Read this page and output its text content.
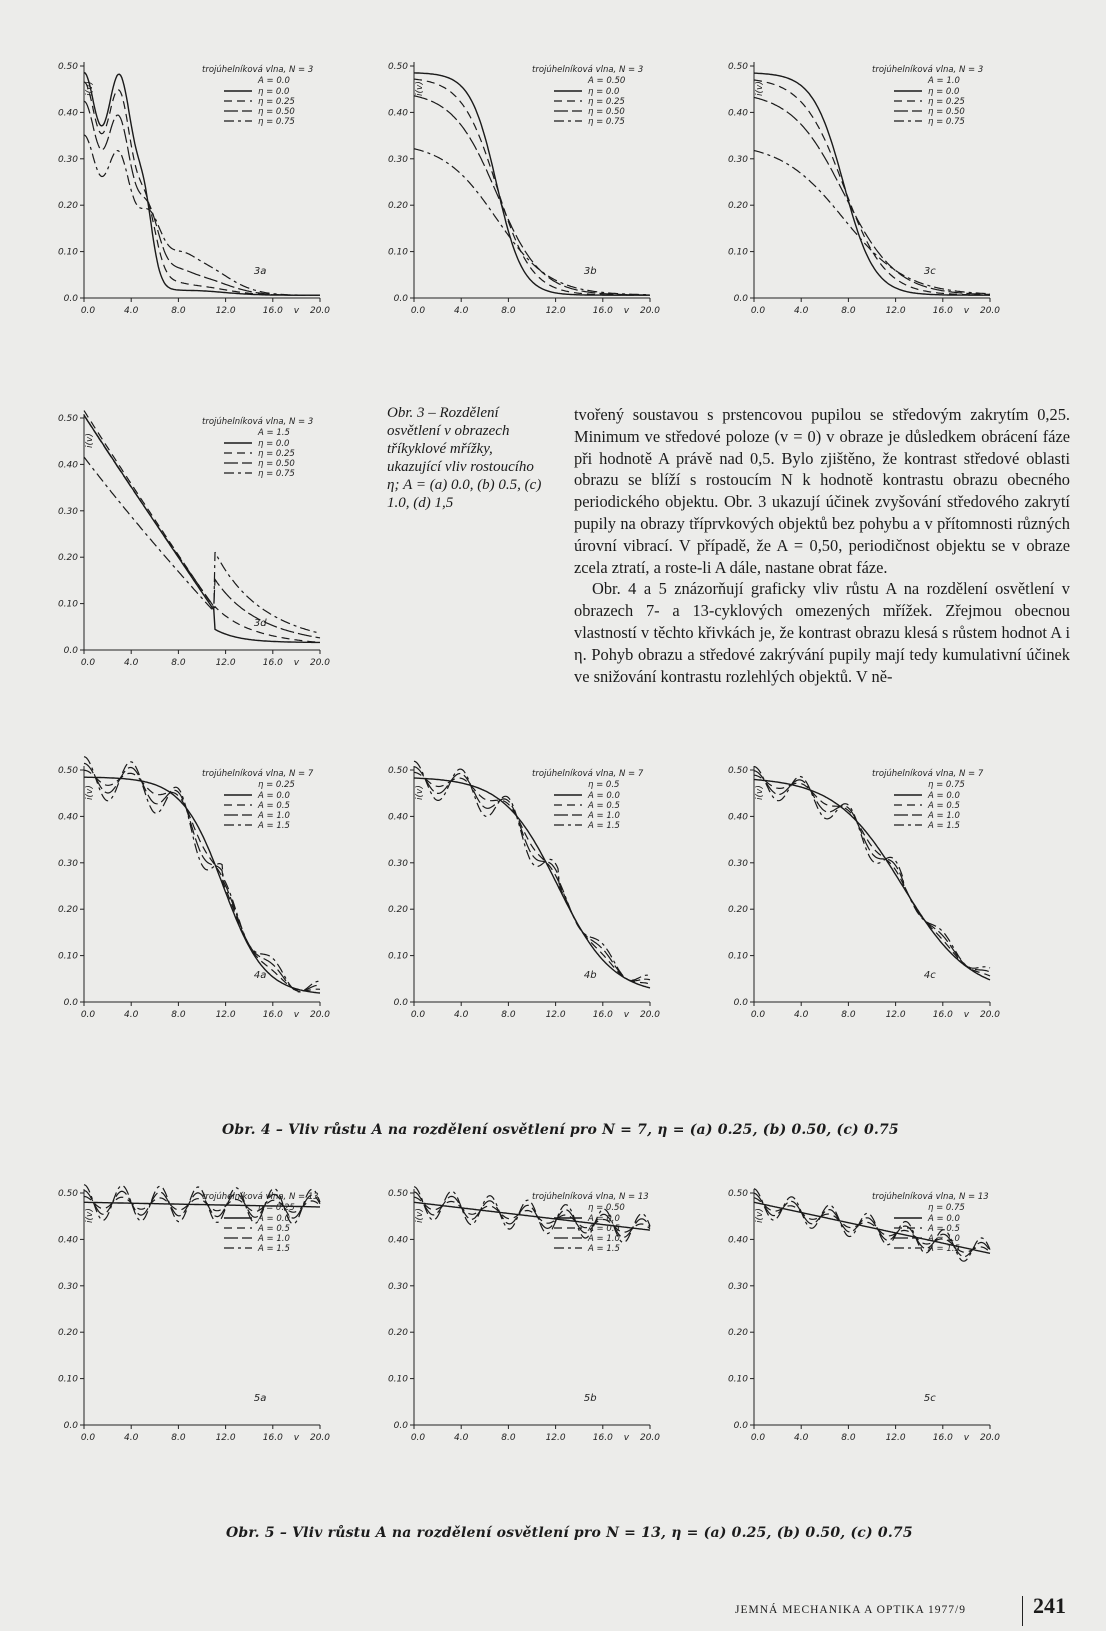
0.0
0.10
0.20
0.30
0.40
0.50
0.0	4.0	8.0	12.0	16.0	20.0
v
i(v)
trojúhelníková vlna, N = 3
A = 0.0
η = 0.0
η = 0.25
η = 0.50
η = 0.75
3a
0.0
0.10
0.20
0.30
0.40
0.50
0.0	4.0	8.0	12.0	16.0	20.0
v
i(v)
trojúhelníková vlna, N = 3
A = 0.50
η = 0.0
η = 0.25
η = 0.50
η = 0.75
3b
0.0
0.10
0.20
0.30
0.40
0.50
0.0	4.0	8.0	12.0	16.0	20.0
v
i(v)
trojúhelníková vlna, N = 3
A = 1.0
η = 0.0
η = 0.25
η = 0.50
η = 0.75
3c
0.0
0.10
0.20
0.30
0.40
0.50
0.0	4.0	8.0	12.0	16.0	20.0
v
i(v)
trojúhelníková vlna, N = 3
A = 1.5
η = 0.0
η = 0.25
η = 0.50
η = 0.75
3d
Obr. 3 – Rozdělení osvětlení v obrazech tříkyklové mřížky, ukazující vliv rostoucího η; A = (a) 0.0, (b) 0.5, (c) 1.0, (d) 1,5

tvořený soustavou s prstencovou pupilou se středovým zakrytím 0,25. Minimum ve středové poloze (v = 0) v obraze je důsledkem obrácení fáze při hodnotě A právě nad 0,5. Bylo zjištěno, že kontrast středové oblasti obrazu se blíží s rostoucím N k hodnotě kontrastu obrazu obecného periodického objektu. Obr. 3 ukazují účinek zvyšování středového zakrytí pupily na obrazy tříprvkových objektů bez pohybu a v přítomnosti různých úrovní vibrací. V případě, že A = 0,50, periodičnost objektu se v obraze zcela ztratí, a roste-li A dále, nastane obrat fáze.

Obr. 4 a 5 znázorňují graficky vliv růstu A na rozdělení osvětlení v obrazech 7- a 13-cyklových omezených mřížek. Zřejmou obecnou vlastností v těchto křivkách je, že kontrast obrazu klesá s růstem hodnot A i η. Pohyb obrazu a středové zakrývání pupily mají tedy kumulativní účinek ve snižování kontrastu rozlehlých objektů. V ně-

0.0
0.10
0.20
0.30
0.40
0.50
0.0	4.0	8.0	12.0	16.0	20.0
v
i(v)
trojúhelníková vlna, N = 7
η = 0.25
A = 0.0
A = 0.5
A = 1.0
A = 1.5
4a
0.0
0.10
0.20
0.30
0.40
0.50
0.0	4.0	8.0	12.0	16.0	20.0
v
i(v)
trojúhelníková vlna, N = 7
η = 0.5
A = 0.0
A = 0.5
A = 1.0
A = 1.5
4b
0.0
0.10
0.20
0.30
0.40
0.50
0.0	4.0	8.0	12.0	16.0	20.0
v
i(v)
trojúhelníková vlna, N = 7
η = 0.75
A = 0.0
A = 0.5
A = 1.0
A = 1.5
4c
Obr. 4 – Vliv růstu A na rozdělení osvětlení pro N = 7, η = (a) 0.25, (b) 0.50, (c) 0.75
0.0
0.10
0.20
0.30
0.40
0.50
0.0	4.0	8.0	12.0	16.0	20.0
v
i(v)
trojúhelníková vlna, N = 13
η = 0.25
A = 0.0
A = 0.5
A = 1.0
A = 1.5
5a
0.0
0.10
0.20
0.30
0.40
0.50
0.0	4.0	8.0	12.0	16.0	20.0
v
i(v)
trojúhelníková vlna, N = 13
η = 0.50
A = 0.0
A = 0.5
A = 1.0
A = 1.5
5b
0.0
0.10
0.20
0.30
0.40
0.50
0.0	4.0	8.0	12.0	16.0	20.0
v
i(v)
trojúhelníková vlna, N = 13
η = 0.75
A = 0.0
A = 0.5
A = 1.0
A = 1.5
5c
Obr. 5 – Vliv růstu A na rozdělení osvětlení pro N = 13, η = (a) 0.25, (b) 0.50, (c) 0.75
JEMNÁ MECHANIKA A OPTIKA 1977/9	241
